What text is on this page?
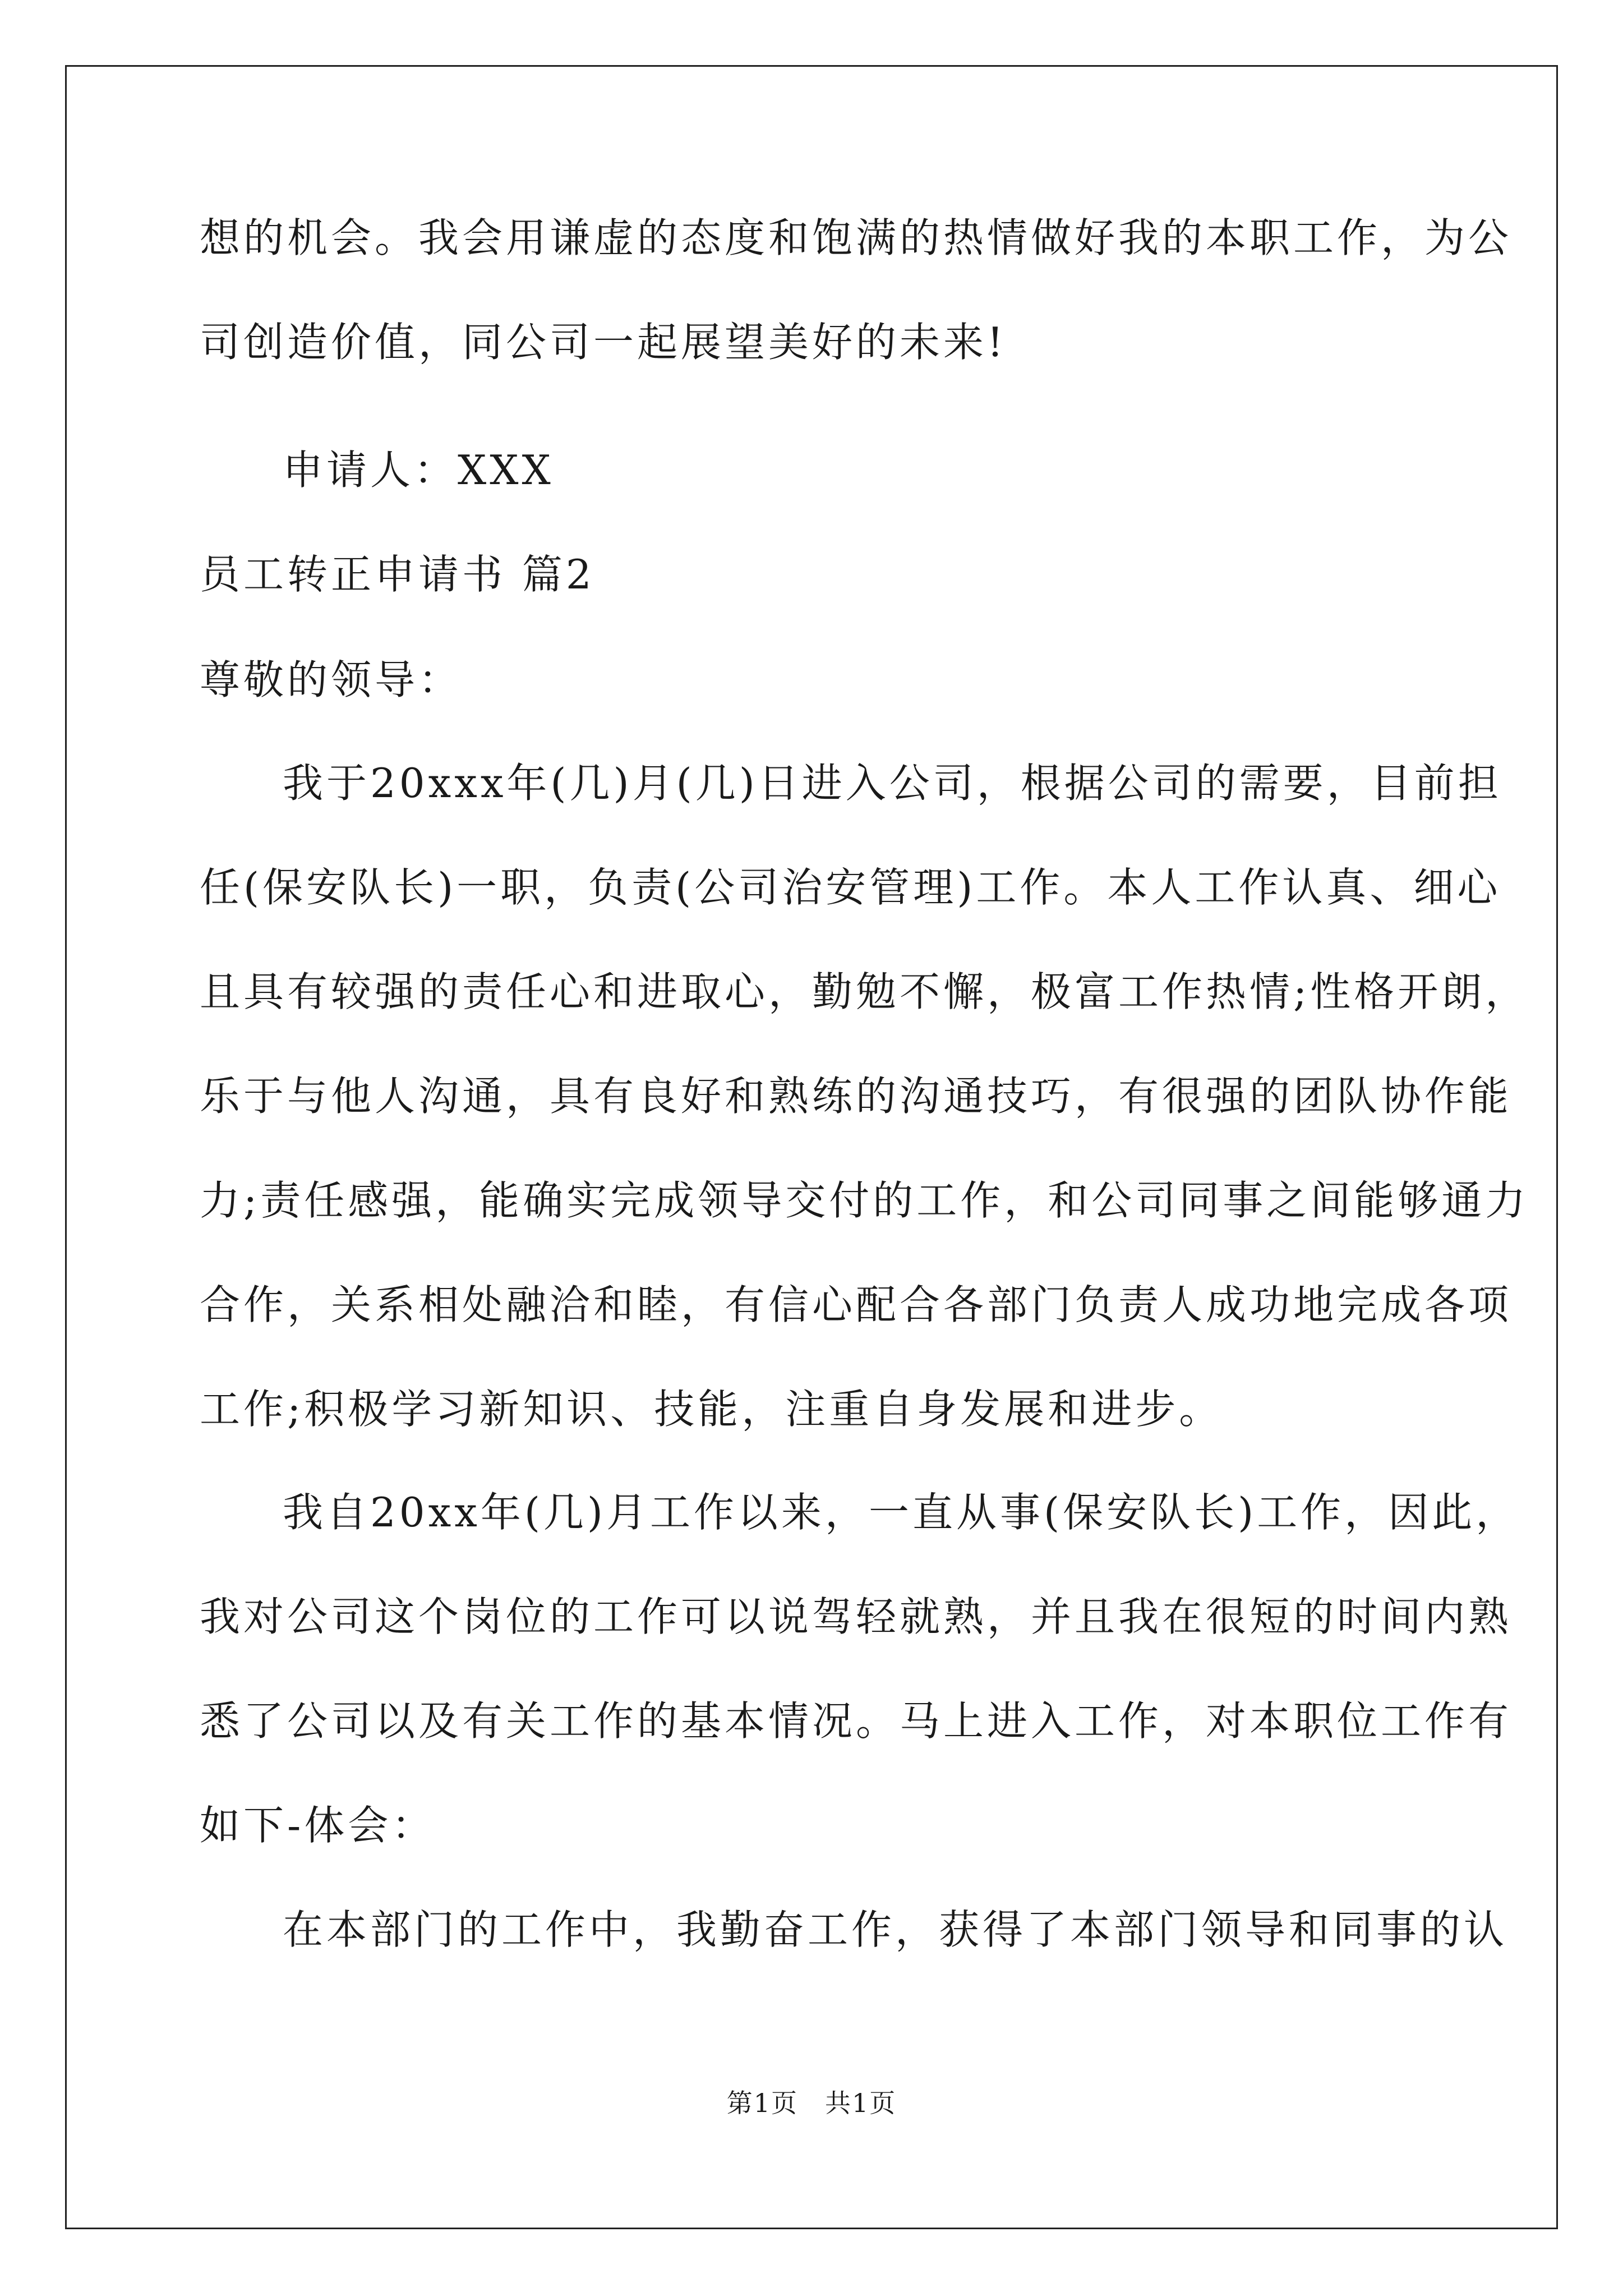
想的机会。我会用谦虚的态度和饱满的热情做好我的本职工作，为公
司创造价值，同公司一起展望美好的未来!
申请人：XXX
员工转正申请书 篇2
尊敬的领导：
我于20xxx年(几)月(几)日进入公司，根据公司的需要，目前担
任(保安队长)一职，负责(公司治安管理)工作。本人工作认真、细心
且具有较强的责任心和进取心，勤勉不懈，极富工作热情;性格开朗，
乐于与他人沟通，具有良好和熟练的沟通技巧，有很强的团队协作能
力;责任感强，能确实完成领导交付的工作，和公司同事之间能够通力
合作，关系相处融洽和睦，有信心配合各部门负责人成功地完成各项
工作;积极学习新知识、技能，注重自身发展和进步。
我自20xx年(几)月工作以来，一直从事(保安队长)工作，因此，
我对公司这个岗位的工作可以说驾轻就熟，并且我在很短的时间内熟
悉了公司以及有关工作的基本情况。马上进入工作，对本职位工作有
如下-体会：
在本部门的工作中，我勤奋工作，获得了本部门领导和同事的认
第1页　共1页
